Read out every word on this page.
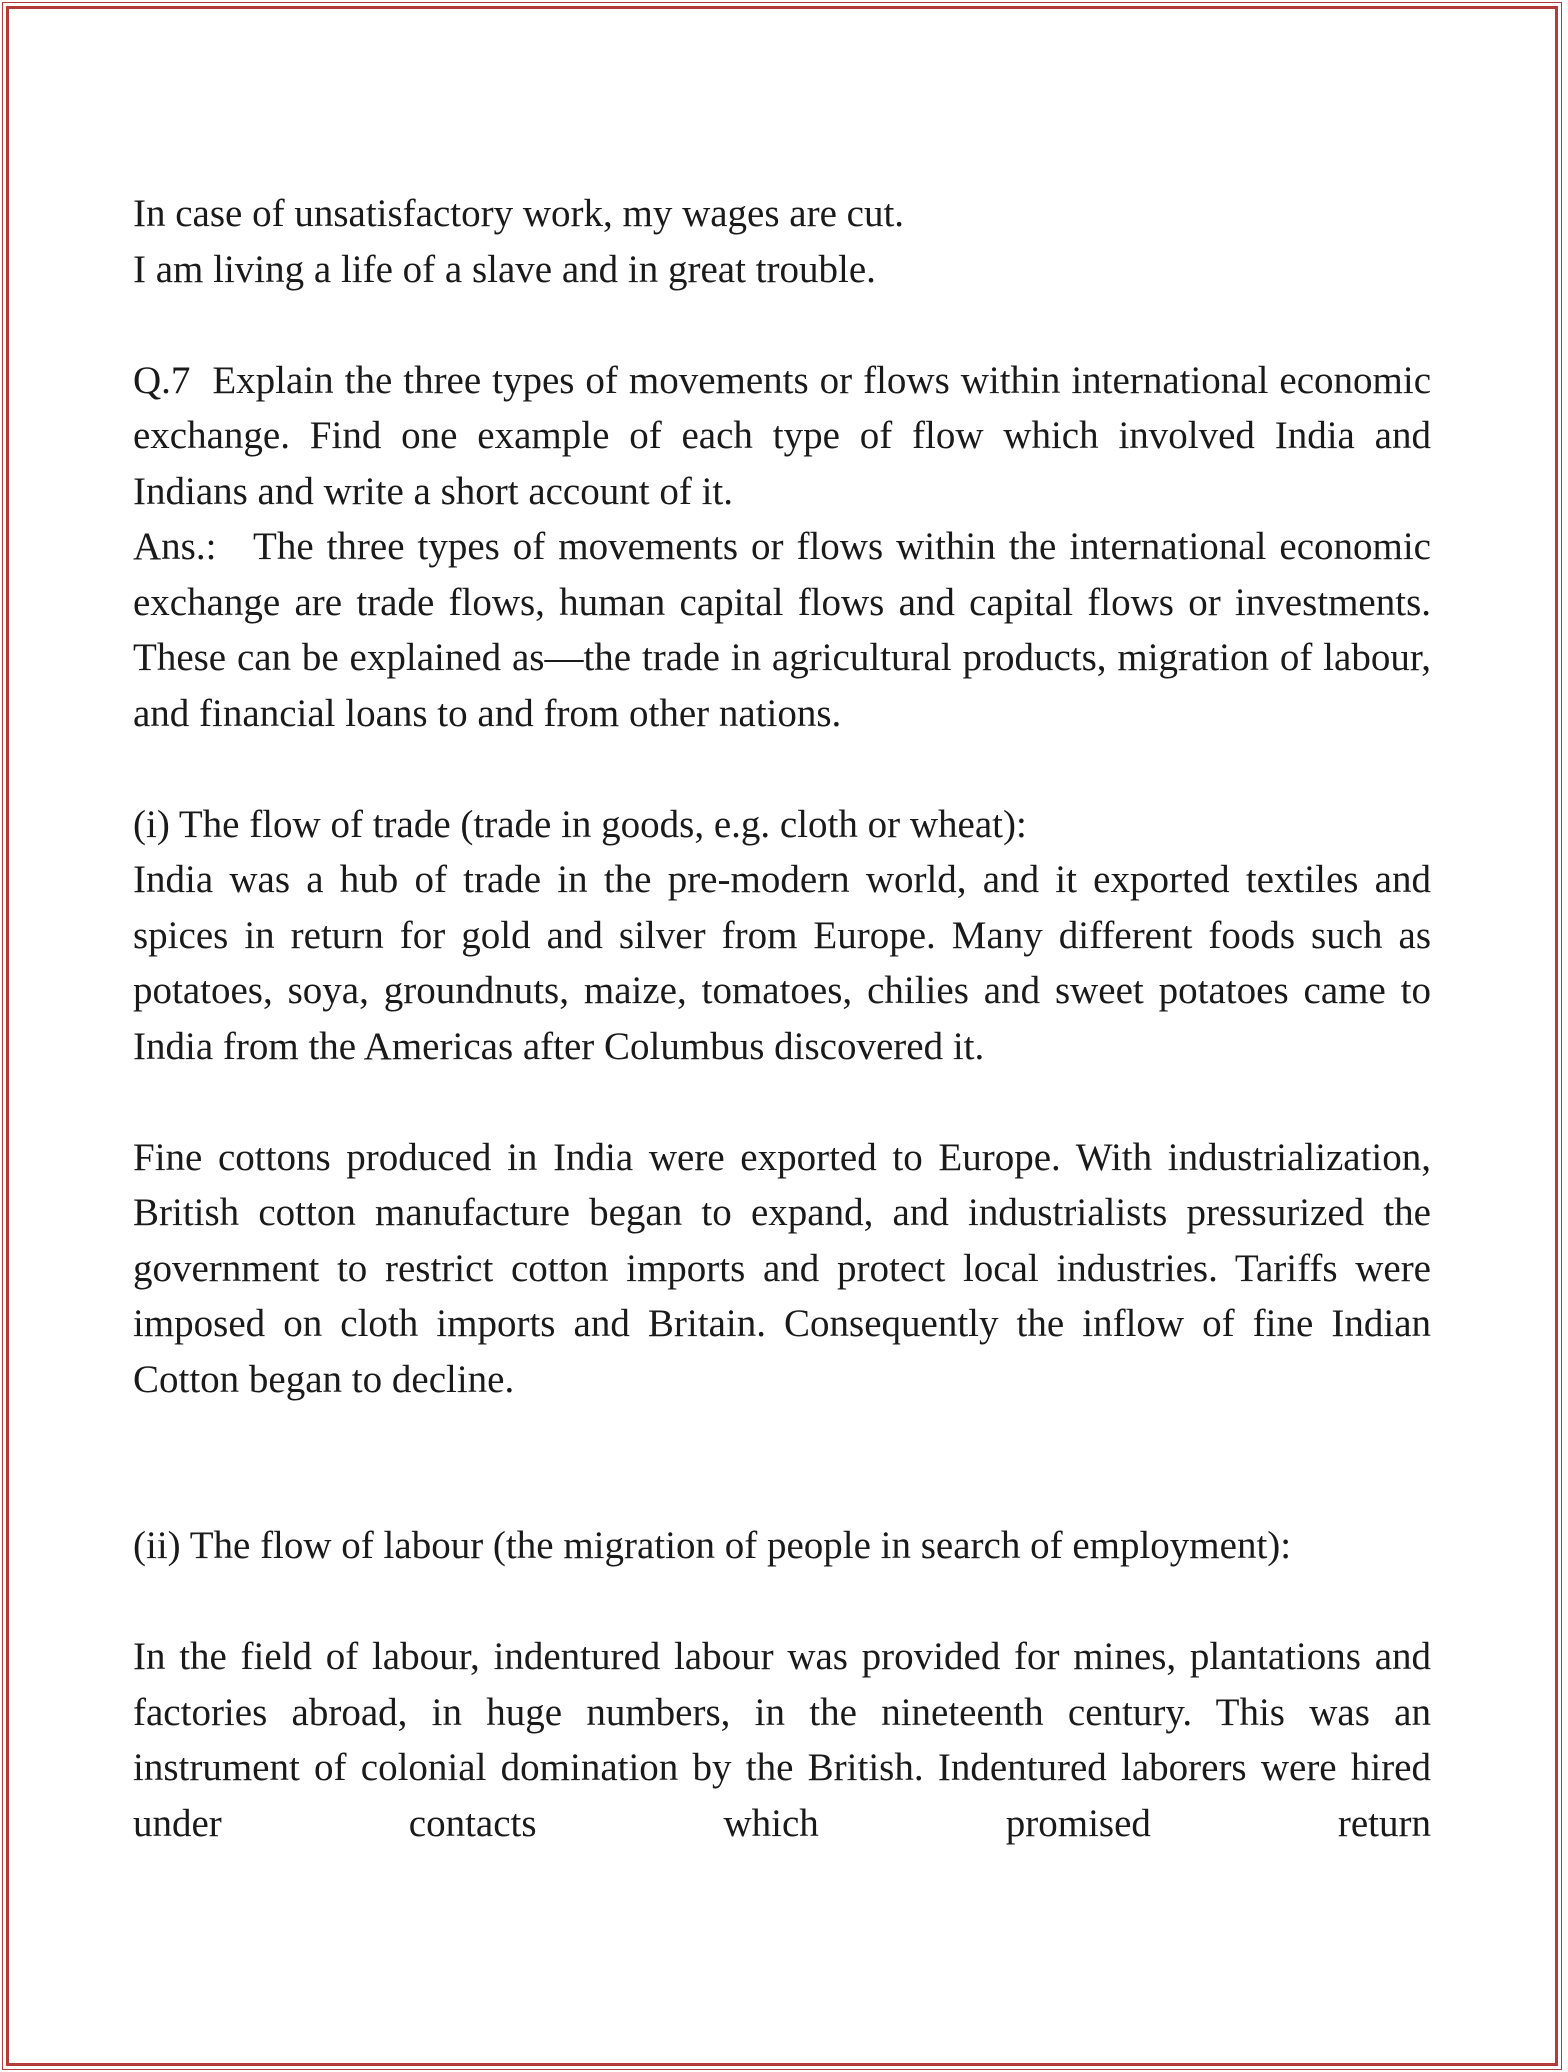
In case of unsatisfactory work, my wages are cut.

I am living a life of a slave and in great trouble.

Q.7 Explain the three types of movements or flows within international economic exchange. Find one example of each type of flow which involved India and Indians and write a short account of it.

Ans.: The three types of movements or flows within the international economic exchange are trade flows, human capital flows and capital flows or investments. These can be explained as—the trade in agricultural products, migration of labour, and financial loans to and from other nations.

(i) The flow of trade (trade in goods, e.g. cloth or wheat):

India was a hub of trade in the pre-modern world, and it exported textiles and spices in return for gold and silver from Europe. Many different foods such as potatoes, soya, groundnuts, maize, tomatoes, chilies and sweet potatoes came to India from the Americas after Columbus discovered it.

Fine cottons produced in India were exported to Europe. With industrialization, British cotton manufacture began to expand, and industrialists pressurized the government to restrict cotton imports and protect local industries. Tariffs were imposed on cloth imports and Britain. Consequently the inflow of fine Indian Cotton began to decline.

(ii) The flow of labour (the migration of people in search of employment):

In the field of labour, indentured labour was provided for mines, plantations and factories abroad, in huge numbers, in the nineteenth century. This was an instrument of colonial domination by the British. Indentured laborers were hired under contacts which promised return
